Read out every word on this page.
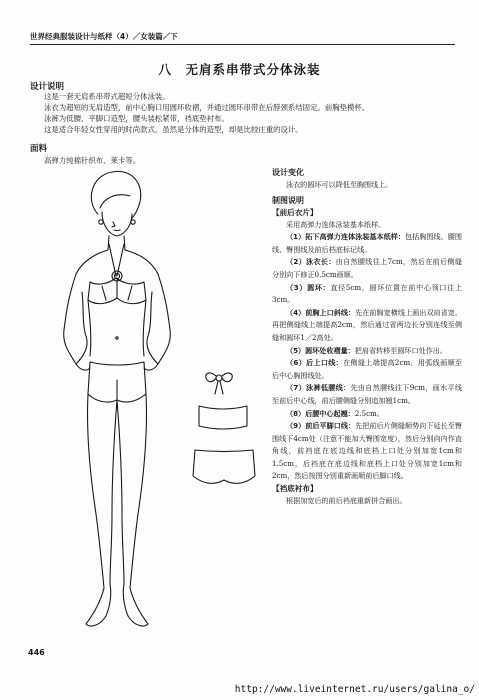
世界经典服装设计与纸样（4）／女装篇／下
八　无肩系串带式分体泳装
设计说明
这是一套无肩系串带式超短分体泳装。
泳衣为超短的无肩造型，前中心胸口用圆环收褶，并通过圆环串带在后脖颈系结固定。前胸垫模杯。
泳裤为低腰、平脚口造型，腰头装松紧带，裆底垫衬布。
这是适合年轻女性穿用的时尚款式，虽然是分体的造型，却是比较庄重的设计。
面料
高弹力纯棉针织布、莱卡等。
设计变化

泳衣的圆环可以降低至胸围线上。

制图说明
【前后衣片】

采用高弹力连体泳装基本纸样。

（1）拓下高弹力连体泳装基本纸样：包括胸围线、腰围线、臀围线及前后档底标记线。

（2）泳衣长：由自然腰线往上7cm，然后在前后侧缝分别向下修正0.5cm画顺。

（3）圆环：直径5cm，圆环位置在前中心领口往上3cm。

（4）前胸上口斜线：先在前胸宽横线上画出双肩省宽，再把侧缝线上端提高2cm，然后通过省两边长分别连线至侧缝和圆环1／2高处。

（5）圆环处收褶量：把肩省转移至圆环口处作出。

（6）后上口线：在侧缝上端提高2cm，用弧线画顺至后中心胸围线处。

（7）泳裤低腰线：先由自然腰线往下9cm，画水平线至前后中心线，前后腰侧缝分别追加翘1cm。

（8）后腰中心起翘：2.5cm。

（9）前后平脚口线：先把前后片侧缝顺势向下延长至臀围线下4cm处（注意不能加大臀围宽度），然后分别向内作直角线，前裆底在底边线和底档上口处分别加宽1cm和1.5cm，后裆底在底边线和底档上口处分别加宽1cm和2cm，然后按图分别重新画顺前后脚口线。

【裆底衬布】

根据加宽后的前后裆底重新拼合画出。

446
http://www.liveinternet.ru/users/galina_o/
